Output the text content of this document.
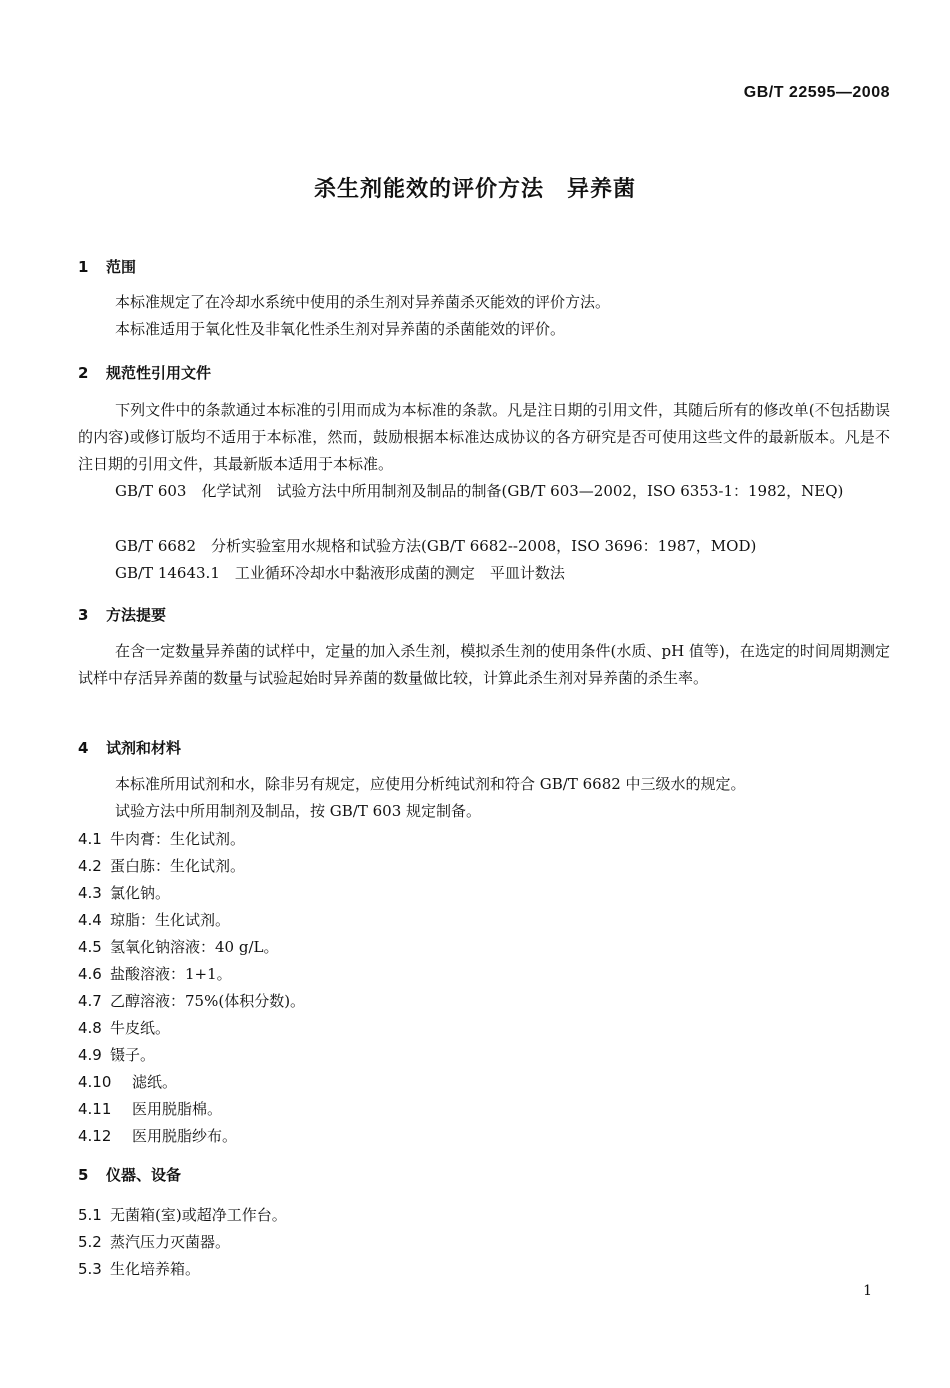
GB/T 22595—2008
杀生剂能效的评价方法　异养菌
1 范围
本标准规定了在冷却水系统中使用的杀生剂对异养菌杀灭能效的评价方法。
本标准适用于氧化性及非氧化性杀生剂对异养菌的杀菌能效的评价。
2 规范性引用文件
下列文件中的条款通过本标准的引用而成为本标准的条款。凡是注日期的引用文件，其随后所有的修改单(不包括勘误的内容)或修订版均不适用于本标准，然而，鼓励根据本标准达成协议的各方研究是否可使用这些文件的最新版本。凡是不注日期的引用文件，其最新版本适用于本标准。
GB/T 603　化学试剂　试验方法中所用制剂及制品的制备(GB/T 603—2002，ISO 6353-1：1982，NEQ)
GB/T 6682　分析实验室用水规格和试验方法(GB/T 6682--2008，ISO 3696：1987，MOD)
GB/T 14643.1　工业循环冷却水中黏液形成菌的测定　平皿计数法
3 方法提要
在含一定数量异养菌的试样中，定量的加入杀生剂，模拟杀生剂的使用条件(水质、pH 值等)，在选定的时间周期测定试样中存活异养菌的数量与试验起始时异养菌的数量做比较，计算此杀生剂对异养菌的杀生率。
4 试剂和材料
本标准所用试剂和水，除非另有规定，应使用分析纯试剂和符合 GB/T 6682 中三级水的规定。
试验方法中所用制剂及制品，按 GB/T 603 规定制备。
4.1 牛肉膏：生化试剂。
4.2 蛋白胨：生化试剂。
4.3 氯化钠。
4.4 琼脂：生化试剂。
4.5 氢氧化钠溶液：40 g/L。
4.6 盐酸溶液：1+1。
4.7 乙醇溶液：75%(体积分数)。
4.8 牛皮纸。
4.9 镊子。
4.10 滤纸。
4.11 医用脱脂棉。
4.12 医用脱脂纱布。
5 仪器、设备
5.1 无菌箱(室)或超净工作台。
5.2 蒸汽压力灭菌器。
5.3 生化培养箱。
1
